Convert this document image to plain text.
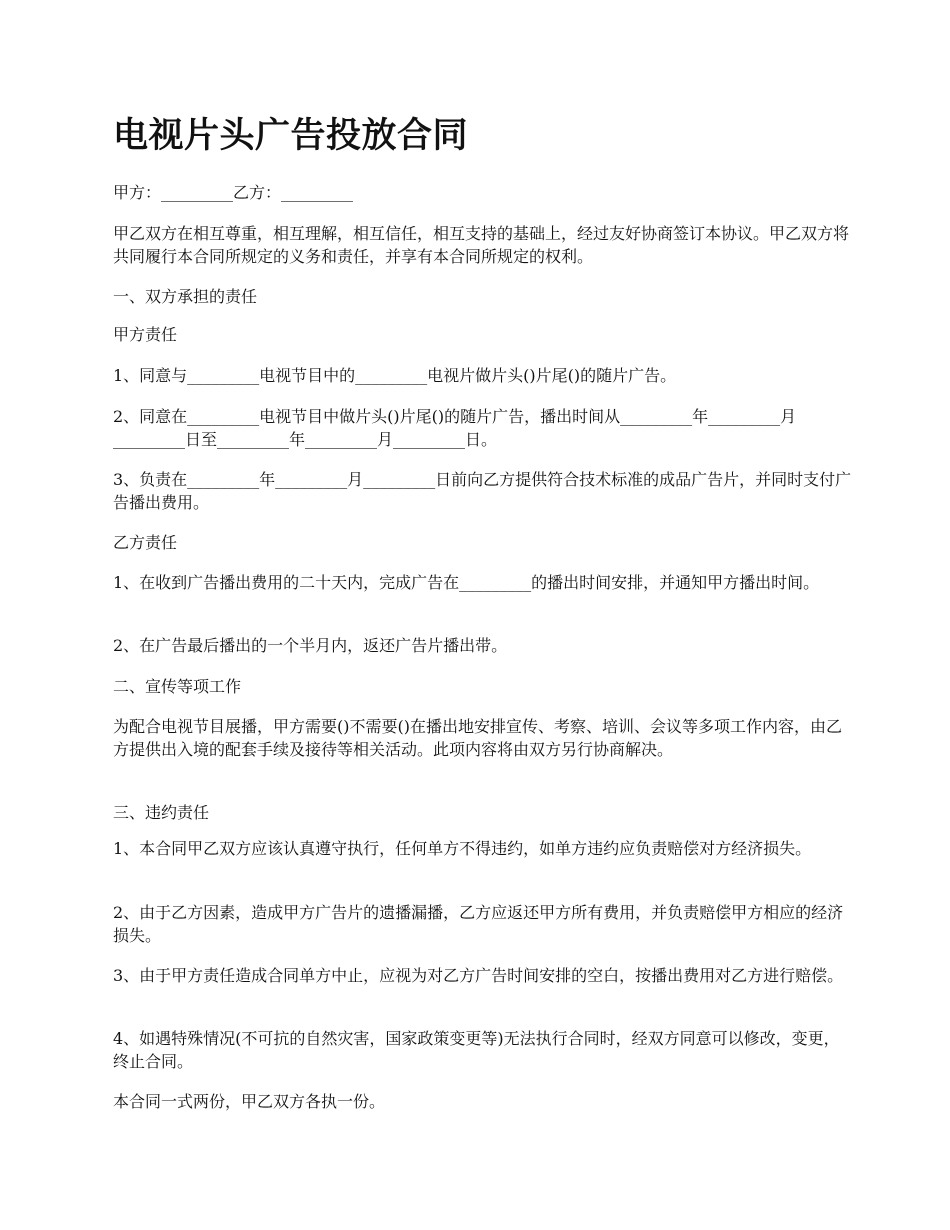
电视片头广告投放合同

甲方：_________乙方：_________

甲乙双方在相互尊重，相互理解，相互信任，相互支持的基础上，经过友好协商签订本协议。甲乙双方将共同履行本合同所规定的义务和责任，并享有本合同所规定的权利。

一、双方承担的责任

甲方责任

1、同意与_________电视节目中的_________电视片做片头()片尾()的随片广告。

2、同意在_________电视节目中做片头()片尾()的随片广告，播出时间从_________年_________月_________日至_________年_________月_________日。

3、负责在_________年_________月_________日前向乙方提供符合技术标准的成品广告片，并同时支付广告播出费用。

乙方责任

1、在收到广告播出费用的二十天内，完成广告在_________的播出时间安排，并通知甲方播出时间。

2、在广告最后播出的一个半月内，返还广告片播出带。

二、宣传等项工作

为配合电视节目展播，甲方需要()不需要()在播出地安排宣传、考察、培训、会议等多项工作内容，由乙方提供出入境的配套手续及接待等相关活动。此项内容将由双方另行协商解决。

三、违约责任

1、本合同甲乙双方应该认真遵守执行，任何单方不得违约，如单方违约应负责赔偿对方经济损失。

2、由于乙方因素，造成甲方广告片的遗播漏播，乙方应返还甲方所有费用，并负责赔偿甲方相应的经济损失。

3、由于甲方责任造成合同单方中止，应视为对乙方广告时间安排的空白，按播出费用对乙方进行赔偿。

4、如遇特殊情况(不可抗的自然灾害，国家政策变更等)无法执行合同时，经双方同意可以修改，变更，终止合同。

本合同一式两份，甲乙双方各执一份。
